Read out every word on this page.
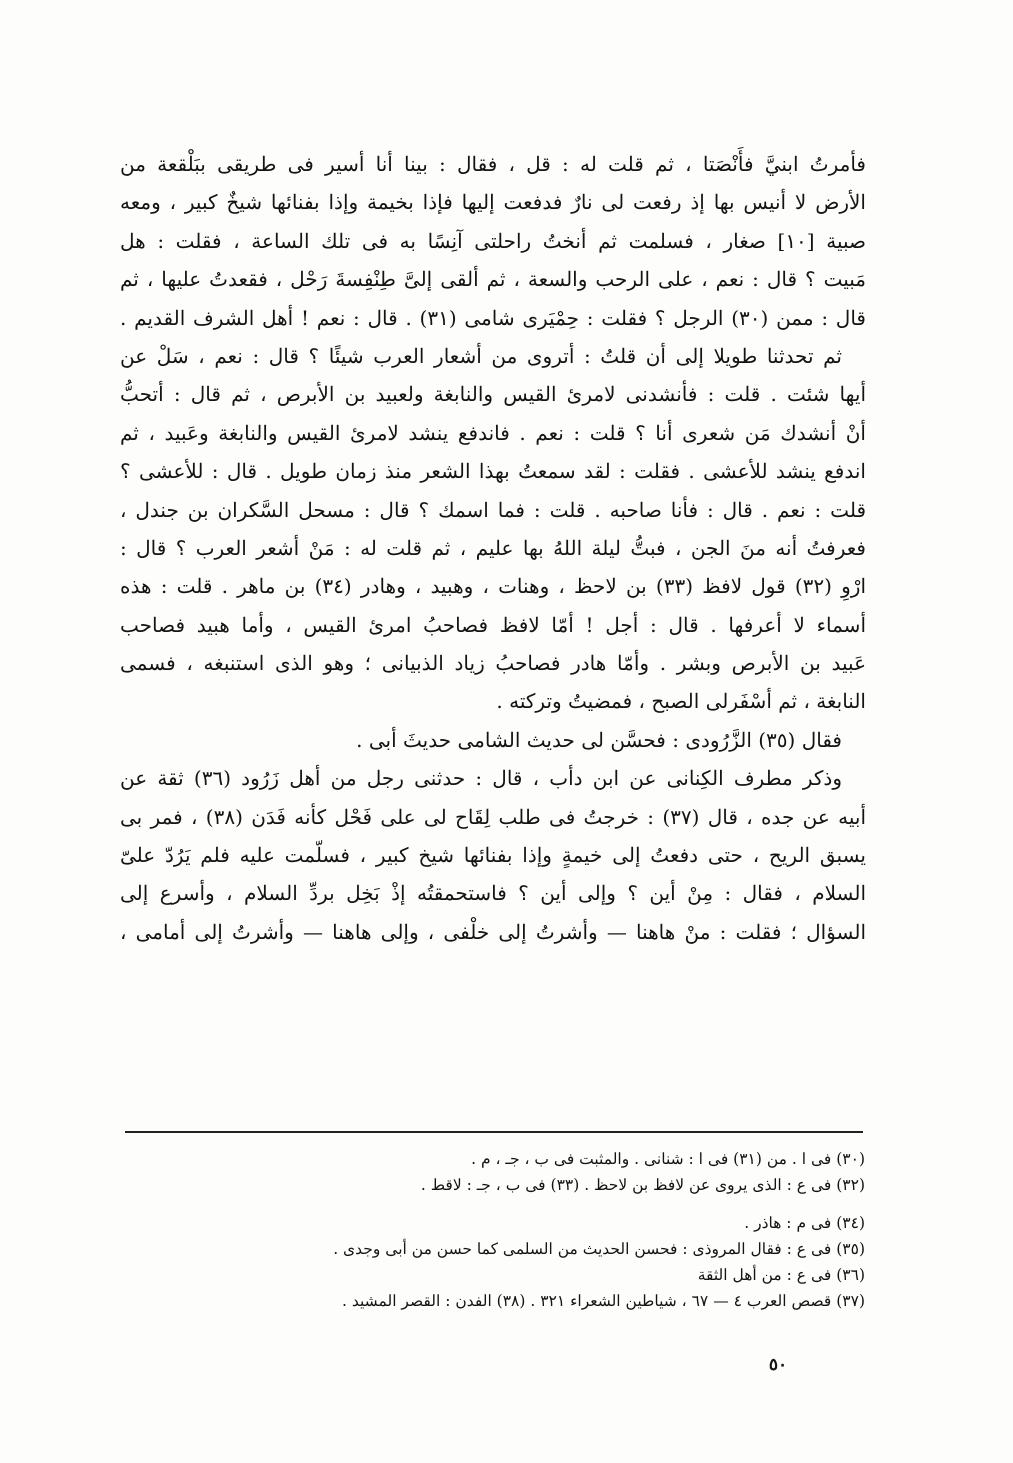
فأمرتُ ابنيَّ فأَنْصَتا ، ثم قلت له : قل ، فقال : بينا أنا أسير فى طريقى ببَلْقعة من
الأرض لا أنيس بها إذ رفعت لى نارٌ فدفعت إليها فإذا بخيمة وإذا بفنائها شيخٌ كبير ، ومعه
صبية [١٠] صغار ، فسلمت ثم أنختُ راحلتى آنِسًا به فى تلك الساعة ، فقلت : هل
مَبيت ؟ قال : نعم ، على الرحب والسعة ، ثم ألقى إلىَّ طِنْفِسةَ رَحْل ، فقعدتُ عليها ، ثم
قال : ممن (٣٠) الرجل ؟ فقلت : حِمْيَرى شامى (٣١) . قال : نعم ! أهل الشرف القديم .
ثم تحدثنا طويلا إلى أن قلتُ : أتروى من أشعار العرب شيئًا ؟ قال : نعم ، سَلْ عن
أيها شئت . قلت : فأنشدنى لامرئ القيس والنابغة ولعبيد بن الأبرص ، ثم قال : أتحبُّ
أنْ أنشدك مَن شعرى أنا ؟ قلت : نعم . فاندفع ينشد لامرئ القيس والنابغة وعَبيد ، ثم
اندفع ينشد للأعشى . فقلت : لقد سمعتُ بهذا الشعر منذ زمان طويل . قال : للأعشى ؟
قلت : نعم . قال : فأنا صاحبه . قلت : فما اسمك ؟ قال : مسحل السَّكران بن جندل ،
فعرفتُ أنه منَ الجن ، فبتُّ ليلة اللهُ بها عليم ، ثم قلت له : مَنْ أشعر العرب ؟ قال :
ارْوِ (٣٢) قول لافظ (٣٣) بن لاحظ ، وهنات ، وهبيد ، وهادر (٣٤) بن ماهر . قلت : هذه
أسماء لا أعرفها . قال : أجل ! أمّا لافظ فصاحبُ امرئ القيس ، وأما هبيد فصاحب
عَبيد بن الأبرص وبشر . وأمّا هادر فصاحبُ زياد الذبيانى ؛ وهو الذى استنبغه ، فسمى
النابغة ، ثم أسْفَرلى الصبح ، فمضيتُ وتركته .
فقال (٣٥) الزَّرُودى : فحسَّن لى حديث الشامى حديثَ أبى .
وذكر مطرف الكِنانى عن ابن دأب ، قال : حدثنى رجل من أهل زَرُود (٣٦) ثقة عن
أبيه عن جده ، قال (٣٧) : خرجتُ فى طلب لِقَاح لى على فَحْل كأنه فَدَن (٣٨) ، فمر بى
يسبق الريح ، حتى دفعتُ إلى خيمةٍ وإذا بفنائها شيخ كبير ، فسلّمت عليه فلم يَرُدّ علىّ
السلام ، فقال : مِنْ أين ؟ وإلى أين ؟ فاستحمقتُه إذْ بَخِل بردِّ السلام ، وأسرع إلى
السؤال ؛ فقلت : منْ هاهنا — وأشرتُ إلى خلْفى ، وإلى هاهنا — وأشرتُ إلى أمامى ،
(٣٠) فى ا . من (٣١) فى ا : شنانى . والمثبت فى ب ، جـ ، م .
(٣٢) فى ع : الذى يروى عن لافظ بن لاحظ . (٣٣) فى ب ، جـ : لاقط .
(٣٤) فى م : هاذر .
(٣٥) فى ع : فقال المروذى : فحسن الحديث من السلمى كما حسن من أبى وجدى .
(٣٦) فى ع : من أهل الثقة
(٣٧) قصص العرب ٤ — ٦٧ ، شياطين الشعراء ٣٢١ . (٣٨) الفدن : القصر المشيد .
٥٠
